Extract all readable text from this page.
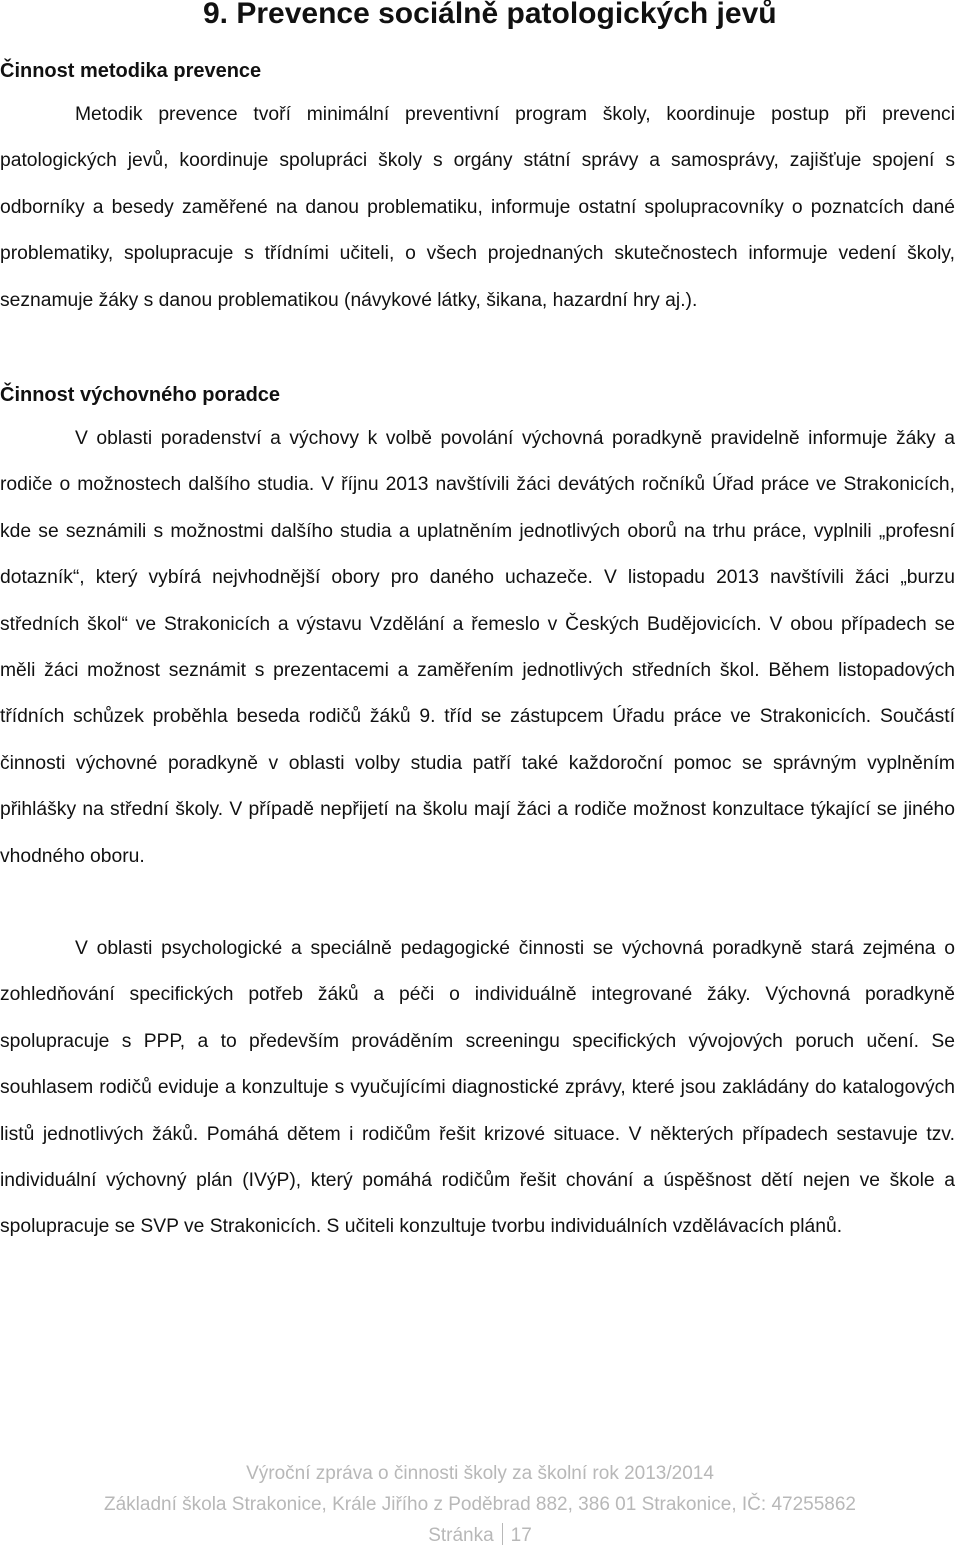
9. Prevence sociálně patologických jevů
Činnost metodika prevence

Metodik prevence tvoří minimální preventivní program školy, koordinuje postup při prevenci patologických jevů, koordinuje spolupráci školy s orgány státní správy a samosprávy, zajišťuje spojení s odborníky a besedy zaměřené na danou problematiku, informuje ostatní spolupracovníky o poznatcích dané problematiky, spolupracuje s třídními učiteli, o všech projednaných skutečnostech informuje vedení školy, seznamuje žáky s danou problematikou (návykové látky, šikana, hazardní hry aj.).

Činnost výchovného poradce

V oblasti poradenství a výchovy k volbě povolání výchovná poradkyně pravidelně informuje žáky a rodiče o možnostech dalšího studia. V říjnu 2013 navštívili žáci devátých ročníků Úřad práce ve Strakonicích, kde se seznámili s možnostmi dalšího studia a uplatněním jednotlivých oborů na trhu práce, vyplnili „profesní dotazník“, který vybírá nejvhodnější obory pro daného uchazeče. V listopadu 2013 navštívili žáci „burzu středních škol“ ve Strakonicích a výstavu Vzdělání a řemeslo v Českých Budějovicích. V obou případech se měli žáci možnost seznámit s prezentacemi a zaměřením jednotlivých středních škol. Během listopadových třídních schůzek proběhla beseda rodičů žáků 9. tříd se zástupcem Úřadu práce ve Strakonicích. Součástí činnosti výchovné poradkyně v oblasti volby studia patří také každoroční pomoc se správným vyplněním přihlášky na střední školy. V případě nepřijetí na školu mají žáci a rodiče možnost konzultace týkající se jiného vhodného oboru.

V oblasti psychologické a speciálně pedagogické činnosti se výchovná poradkyně stará zejména o zohledňování specifických potřeb žáků a péči o individuálně integrované žáky. Výchovná poradkyně spolupracuje s PPP, a to především prováděním screeningu specifických vývojových poruch učení. Se souhlasem rodičů eviduje a konzultuje s vyučujícími diagnostické zprávy, které jsou zakládány do katalogových listů jednotlivých žáků. Pomáhá dětem i rodičům řešit krizové situace. V některých případech sestavuje tzv. individuální výchovný plán (IVýP), který pomáhá rodičům řešit chování a úspěšnost dětí nejen ve škole a spolupracuje se SVP ve Strakonicích. S učiteli konzultuje tvorbu individuálních vzdělávacích plánů.

Výroční zpráva o činnosti školy za školní rok 2013/2014
Základní škola Strakonice, Krále Jiřího z Poděbrad 882, 386 01 Strakonice, IČ: 47255862
Stránka 17
